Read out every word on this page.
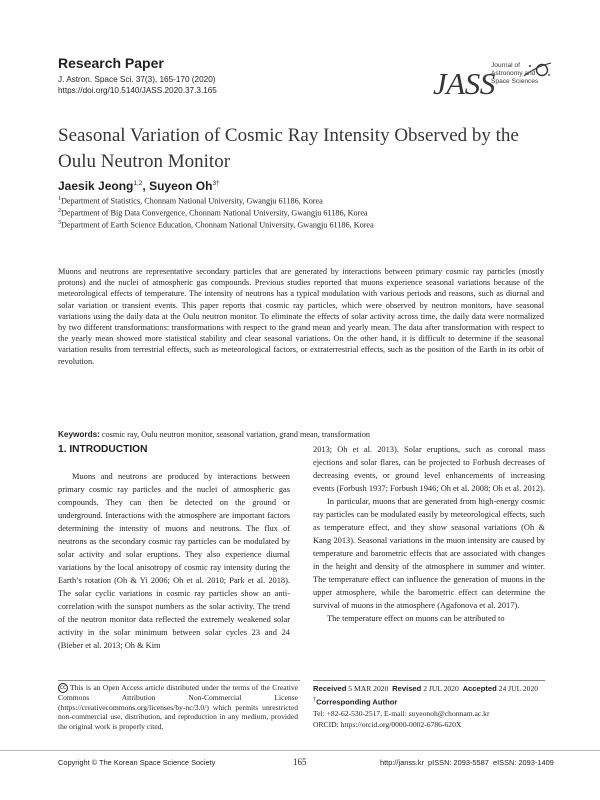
Research Paper
J. Astron. Space Sci. 37(3), 165-170 (2020)
https://doi.org/10.5140/JASS.2020.37.3.165	JASS
Journal of
Astronomy and
Space Sciences
Seasonal Variation of Cosmic Ray Intensity Observed by the Oulu Neutron Monitor
Jaesik Jeong$^{1,2}$, Suyeon $Oh^{3\dagger}$
$^1$Department of Statistics, Chonnam National University, Gwangju 61186, Korea
$^2$Department of Big Data Convergence, Chonnam National University, Gwangju 61186, Korea
$^3$Department of Earth Science Education, Chonnam National University, Gwangju 61186, Korea
Muons and neutrons are representative secondary particles that are generated by interactions between primary cosmic ray particles (mostly protons) and the nuclei of atmospheric gas compounds. Previous studies reported that muons experience seasonal variations because of the meteorological effects of temperature. The intensity of neutrons has a typical modulation with various periods and reasons, such as diurnal and solar variation or transient events. This paper reports that cosmic ray particles, which were observed by neutron monitors, have seasonal variations using the daily data at the Oulu neutron monitor. To eliminate the effects of solar activity across time, the daily data were normalized by two different transformations: transformations with respect to the grand mean and yearly mean. The data after transformation with respect to the yearly mean showed more statistical stability and clear seasonal variations. On the other hand, it is difficult to determine if the seasonal variation results from terrestrial effects, such as meteorological factors, or extraterrestrial effects, such as the position of the Earth in its orbit of revolution.
Keywords: cosmic ray, Oulu neutron monitor, seasonal variation, grand mean, transformation
1. INTRODUCTION

Muons and neutrons are produced by interactions between primary cosmic ray particles and the nuclei of atmospheric gas compounds. They can then be detected on the ground or underground. Interactions with the atmosphere are important factors determining the intensity of muons and neutrons. The flux of neutrons as the secondary cosmic ray particles can be modulated by solar activity and solar eruptions. They also experience diurnal variations by the local anisotropy of cosmic ray intensity during the Earth’s rotation (Oh & Yi 2006; Oh et al. 2010; Park et al. 2018). The solar cyclic variations in cosmic ray particles show an anti-correlation with the sunspot numbers as the solar activity. The trend of the neutron monitor data reflected the extremely weakened solar activity in the solar minimum between solar cycles 23 and 24 (Bieber et al. 2013; Oh & Kim

2013; Oh et al. 2013). Solar eruptions, such as coronal mass ejections and solar flares, can be projected to Forbush decreases of decreasing events, or ground level enhancements of increasing events (Forbush 1937; Forbush 1946; Oh et al. 2008; Oh et al. 2012).

In particular, muons that are generated from high-energy cosmic ray particles can be modulated easily by meteorological effects, such as temperature effect, and they show seasonal variations (Oh & Kang 2013). Seasonal variations in the muon intensity are caused by temperature and barometric effects that are associated with changes in the height and density of the atmosphere in summer and winter. The temperature effect can influence the generation of muons in the upper atmosphere, while the barometric effect can determine the survival of muons in the atmosphere (Agafonova et al. 2017).

The temperature effect on muons can be attributed to

cc This is an Open Access article distributed under the terms of the Creative Commons Attribution Non-Commercial License (https://creativecommons.org/licenses/by-nc/3.0/) which permits unrestricted non-commercial use, distribution, and reproduction in any medium, provided the original work is properly cited.
Received 5 MAR 2020 Revised 2 JUL 2020 Accepted 24 JUL 2020
†Corresponding Author
Tel: +82-62-530-2517, E-mail: suyeonoh@chonnam.ac.kr
ORCID: https://orcid.org/0000-0002-6786-620X
Copyright © The Korean Space Science Society	165	http://janss.kr  pISSN: 2093-5587  eISSN: 2093-1409
